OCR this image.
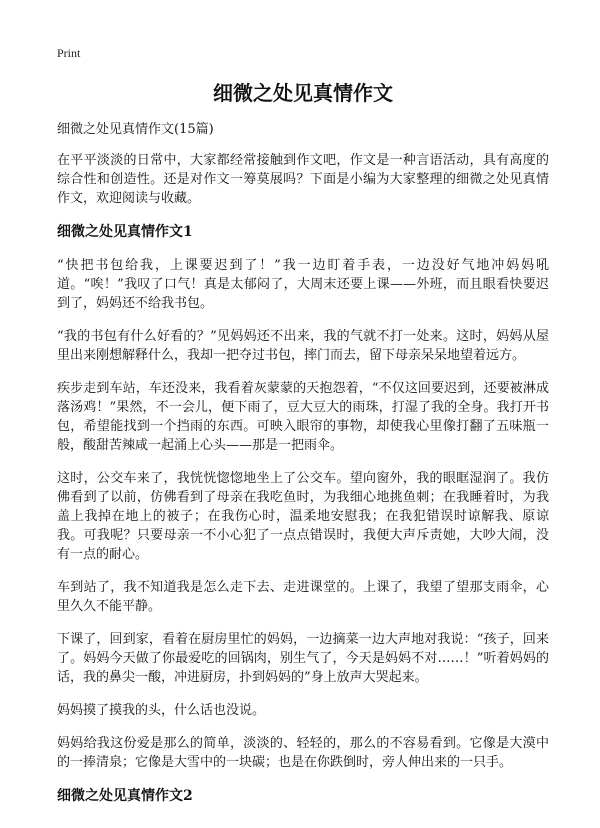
Print
细微之处见真情作文
细微之处见真情作文(15篇)

在平平淡淡的日常中，大家都经常接触到作文吧，作文是一种言语活动，具有高度的综合性和创造性。还是对作文一筹莫展吗？下面是小编为大家整理的细微之处见真情作文，欢迎阅读与收藏。

细微之处见真情作文1

“快把书包给我，上课要迟到了！”我一边盯着手表，一边没好气地冲妈妈吼道。“唉！”我叹了口气！真是太郁闷了，大周末还要上课——外班，而且眼看快要迟到了，妈妈还不给我书包。

“我的书包有什么好看的？”见妈妈还不出来，我的气就不打一处来。这时，妈妈从屋里出来刚想解释什么，我却一把夺过书包，摔门而去，留下母亲呆呆地望着远方。

疾步走到车站，车还没来，我看着灰蒙蒙的天抱怨着，“不仅这回要迟到，还要被淋成落汤鸡！”果然，不一会儿，便下雨了，豆大豆大的雨珠，打湿了我的全身。我打开书包，希望能找到一个挡雨的东西。可映入眼帘的事物，却使我心里像打翻了五味瓶一般，酸甜苦辣咸一起涌上心头——那是一把雨伞。

这时，公交车来了，我恍恍惚惚地坐上了公交车。望向窗外，我的眼眶湿润了。我仿佛看到了以前，仿佛看到了母亲在我吃鱼时，为我细心地挑鱼刺；在我睡着时，为我盖上我掉在地上的被子；在我伤心时，温柔地安慰我；在我犯错误时谅解我、原谅我。可我呢？只要母亲一不小心犯了一点点错误时，我便大声斥责她，大吵大闹，没有一点的耐心。

车到站了，我不知道我是怎么走下去、走进课堂的。上课了，我望了望那支雨伞，心里久久不能平静。

下课了，回到家，看着在厨房里忙的妈妈，一边摘菜一边大声地对我说：“孩子，回来了。妈妈今天做了你最爱吃的回锅肉，别生气了，今天是妈妈不对……！”听着妈妈的话，我的鼻尖一酸，冲进厨房，扑到妈妈的”身上放声大哭起来。

妈妈摸了摸我的头，什么话也没说。

妈妈给我这份爱是那么的简单，淡淡的、轻轻的，那么的不容易看到。它像是大漠中的一捧清泉；它像是大雪中的一块碳；也是在你跌倒时，旁人伸出来的一只手。

细微之处见真情作文2
